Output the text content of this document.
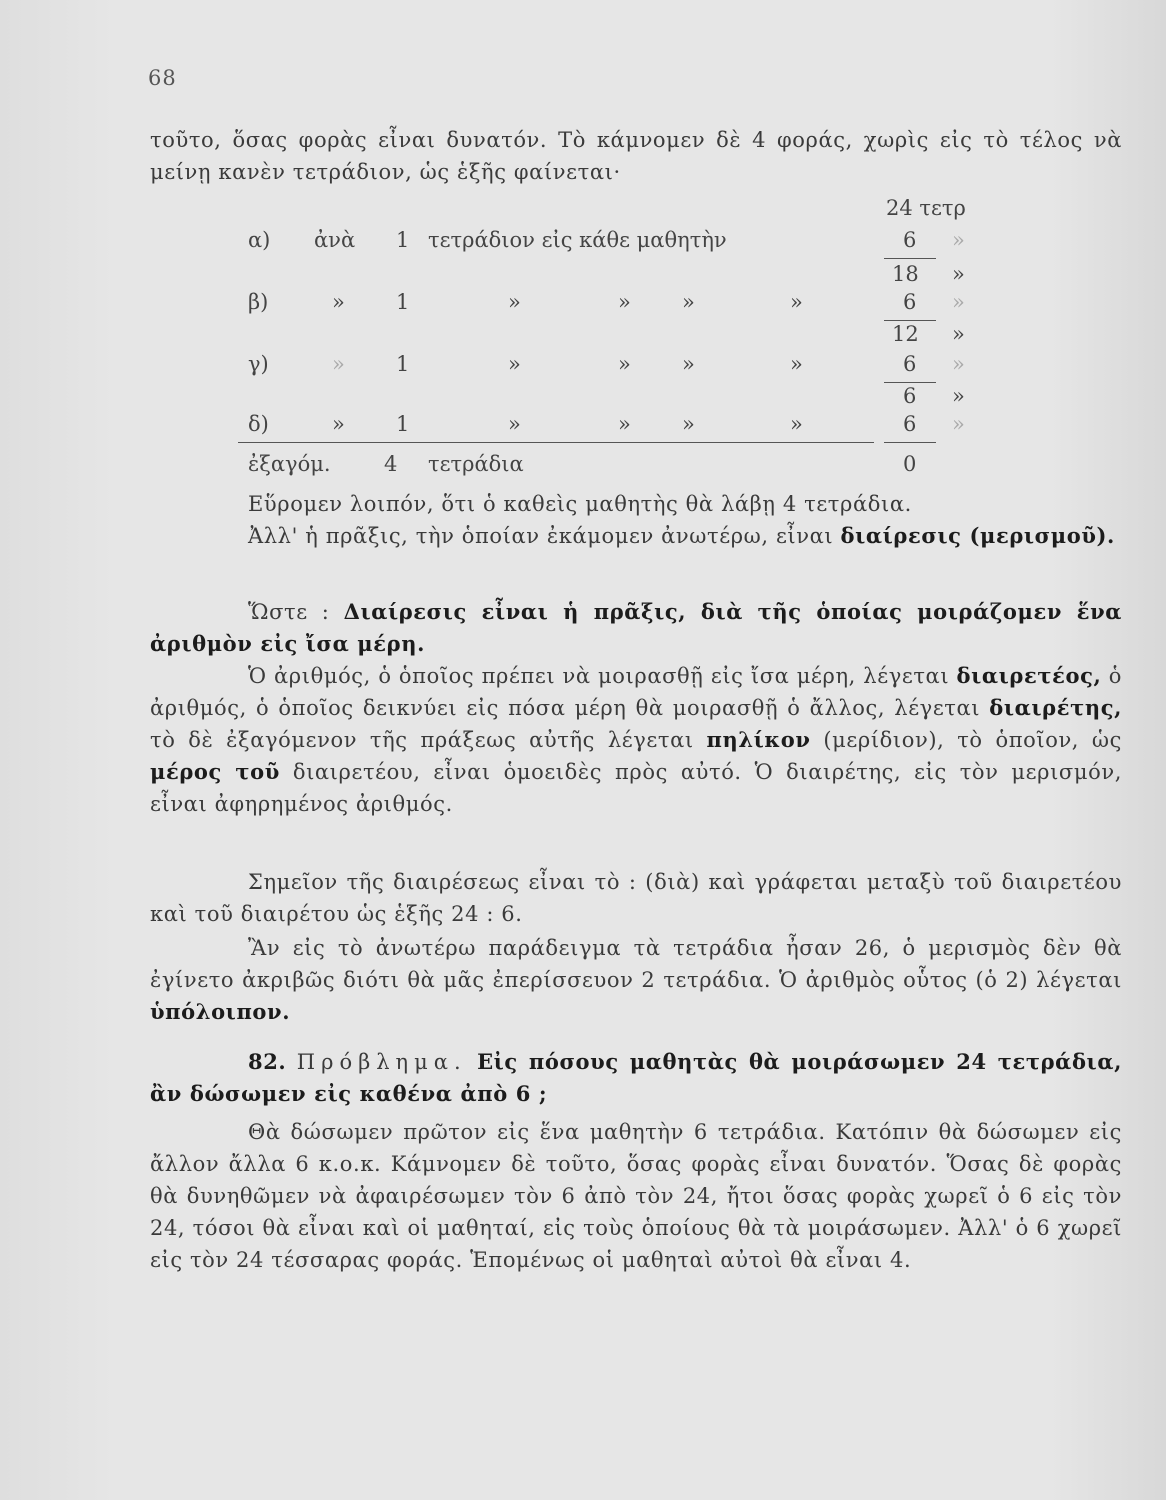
68
τοῦτο, ὅσας φορὰς εἶναι δυνατόν. Τὸ κάμνομεν δὲ 4 φοράς, χωρὶς εἰς τὸ τέλος νὰ μείνῃ κανὲν τετράδιον, ὡς ἑξῆς φαίνεται·
24 τετρ
α) ἀνὰ 1 τετράδιον εἰς κάθε μαθητὴν	6 »
18 »
β)	» 1	»	» »	»	6 »
12 »
γ)	» 1	»	» »	»	6 »
6 »
δ)	» 1	»	» »	»	6 »
ἐξαγόμ.	4 τετράδια	0
Εὕρομεν λοιπόν, ὅτι ὁ καθεὶς μαθητὴς θὰ λάβῃ 4 τετράδια.
Ἀλλ' ἡ πρᾶξις, τὴν ὁποίαν ἐκάμομεν ἀνωτέρω, εἶναι διαίρεσις (μερισμοῦ).
Ὥστε : Διαίρεσις εἶναι ἡ πρᾶξις, διὰ τῆς ὁποίας μοιράζομεν ἕνα ἀριθμὸν εἰς ἴσα μέρη.
Ὁ ἀριθμός, ὁ ὁποῖος πρέπει νὰ μοιρασθῇ εἰς ἴσα μέρη, λέγεται διαιρετέος, ὁ ἀριθμός, ὁ ὁποῖος δεικνύει εἰς πόσα μέρη θὰ μοιρασθῇ ὁ ἄλλος, λέγεται διαιρέτης, τὸ δὲ ἐξαγόμενον τῆς πράξεως αὐτῆς λέγεται πηλίκον (μερίδιον), τὸ ὁποῖον, ὡς μέρος τοῦ διαιρετέου, εἶναι ὁμοειδὲς πρὸς αὐτό. Ὁ διαιρέτης, εἰς τὸν μερισμόν, εἶναι ἀφηρημένος ἀριθμός.
Σημεῖον τῆς διαιρέσεως εἶναι τὸ : (διὰ) καὶ γράφεται μεταξὺ τοῦ διαιρετέου καὶ τοῦ διαιρέτου ὡς ἑξῆς 24 : 6.
Ἂν εἰς τὸ ἀνωτέρω παράδειγμα τὰ τετράδια ἦσαν 26, ὁ μερισμὸς δὲν θὰ ἐγίνετο ἀκριβῶς διότι θὰ μᾶς ἐπερίσσευον 2 τετράδια. Ὁ ἀριθμὸς οὗτος (ὁ 2) λέγεται ὑπόλοιπον.
82. Πρόβλημα. Εἰς πόσους μαθητὰς θὰ μοιράσωμεν 24 τετράδια, ἂν δώσωμεν εἰς καθένα ἀπὸ 6 ;
Θὰ δώσωμεν πρῶτον εἰς ἕνα μαθητὴν 6 τετράδια. Κατόπιν θὰ δώσωμεν εἰς ἄλλον ἄλλα 6 κ.ο.κ. Κάμνομεν δὲ τοῦτο, ὅσας φορὰς εἶναι δυνατόν. Ὅσας δὲ φορὰς θὰ δυνηθῶμεν νὰ ἀφαιρέσωμεν τὸν 6 ἀπὸ τὸν 24, ἤτοι ὅσας φορὰς χωρεῖ ὁ 6 εἰς τὸν 24, τόσοι θὰ εἶναι καὶ οἱ μαθηταί, εἰς τοὺς ὁποίους θὰ τὰ μοιράσωμεν. Ἀλλ' ὁ 6 χωρεῖ εἰς τὸν 24 τέσσαρας φοράς. Ἑπομένως οἱ μαθηταὶ αὐτοὶ θὰ εἶναι 4.
